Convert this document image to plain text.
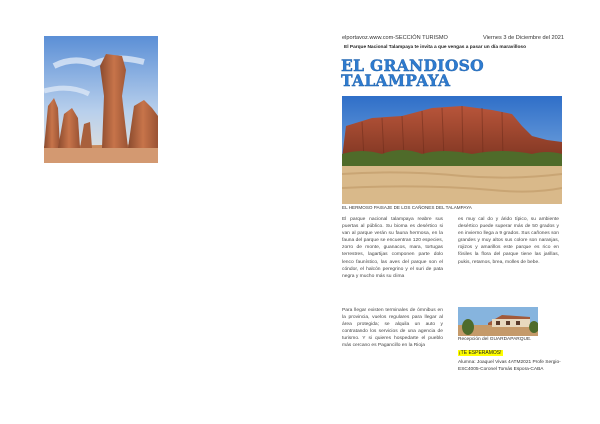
elportavoz.www.com-SECCIÓN TURISMO	Viernes 3 de Diciembre del 2021
El Parque Nacional Talampaya te invita a que vengas a pasar un día maravilloso
EL GRANDIOSO
TALAMPAYA
EL HERMOSO PAISAJE DE LOS CAÑONES DEL TALAMPAYA
El parque nacional talampaya reabre sus puertas al público. Su bioma es desértico si van al parque verán su fauna hermosa, en la fauna del parque se encuentran 120 especies, zorro de monte, guanacos, mara, tortugas terrestres, lagartijas componen parte dolo lenco faunístico, las aves del parque son el cóndor, el halcón peregrino y el suri de pata negra y mucho más su clima
es muy cal do y árido típico, su ambiente desértico puede superar más de 50 grados y en invierno llega a 9 grados. Sus cañones son grandes y muy altos sus colore son naranjas, rojizos y amarillos este parque es rico en fósiles la flora del parque tiene las jarillas, pukis, retamos, brea, molles de bebe.
Para llegar existen terminales de ómnibus en la provincia, vuelos regulares para llegar al área protegida; se alquila un auto y contratando los servicios de una agencia de turismo. Y si quieres hospedarte el pueblo más cercano es Pagancillo en la Rioja
Recepción del GUARDAPARQUE.
¡TE ESPERAMOS!
Alumna: Joaquel Vivas 4ATM2021 Profe Sergio-ESC4005-Coronel Tomás Espora-CABA
